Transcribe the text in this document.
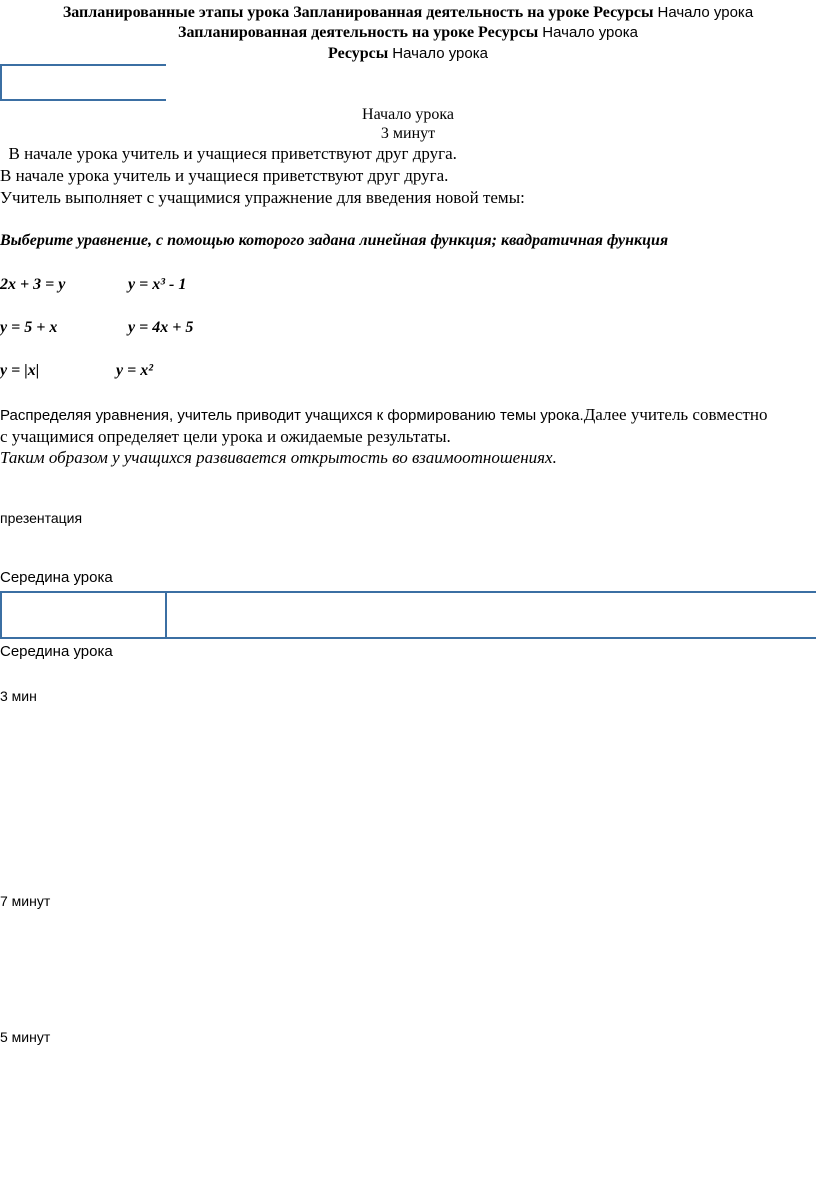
Запланированные этапы урока Запланированная деятельность на уроке Ресурсы Начало урока
Запланированная деятельность на уроке Ресурсы Начало урока
Ресурсы Начало урока
Начало урока
3 минут
В начале урока учитель и учащиеся приветствуют друг друга.
В начале урока учитель и учащиеся приветствуют друг друга.
Учитель выполняет с учащимися упражнение для введения новой темы:
Выберите уравнение, с помощью которого задана линейная функция; квадратичная функция
2x + 3 = y	y = x³ - 1
y = 5 + x	y = 4x + 5
y = |x|	y = x²
Распределяя уравнения, учитель приводит учащихся к формированию темы урока.Далее учитель совместно
с учащимися определяет цели урока и ожидаемые результаты.
Таким образом у учащихся развивается открытость во взаимоотношениях.
презентация
Середина урока
Середина урока
3 мин
7 минут
5 минут
